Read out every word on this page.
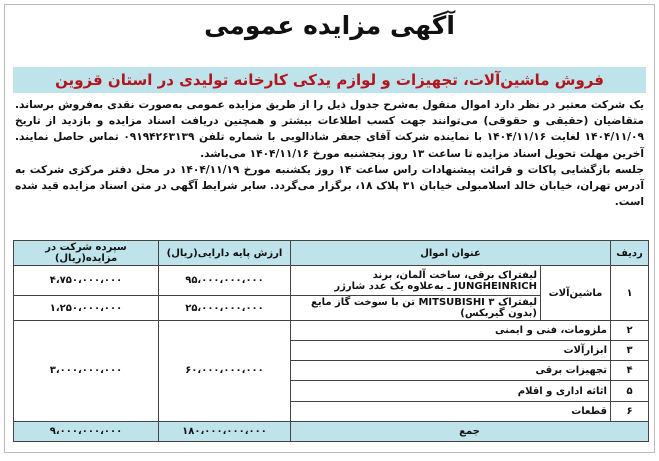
آگهی مزایده عمومی
فروش ماشین‌آلات، تجهیزات و لوازم یدکی کارخانه تولیدی در استان قزوین

یک شرکت معتبر در نظر دارد اموال منقول به‌شرح جدول ذیل را از طریق مزایده عمومی به‌صورت نقدی به‌فروش برساند. متقاضیان (حقیقی و حقوقی) می‌توانند جهت کسب اطلاعات بیشتر و همچنین دریافت اسناد مزایده و بازدید از تاریخ ۱۴۰۴/۱۱/۰۹ لغایت ۱۴۰۴/۱۱/۱۶ با نماینده شرکت آقای جعفر شادالوبی با شماره تلفن ۰۹۱۹۴۲۶۳۱۳۹ تماس حاصل نمایند. آخرین مهلت تحویل اسناد مزایده تا ساعت ۱۳ روز پنجشنبه مورخ ۱۴۰۴/۱۱/۱۶ می‌باشد.

جلسه بازگشایی پاکات و قرائت پیشنهادات راس ساعت ۱۴ روز یکشنبه مورخ ۱۴۰۴/۱۱/۱۹ در محل دفتر مرکزی شرکت به آدرس تهران، خیابان خالد اسلامبولی خیابان ۳۱ پلاک ۱۸، برگزار می‌گردد. سایر شرایط آگهی در متن اسناد مزایده قید شده است.

ردیف	عنوان اموال		ارزش پایه دارایی(ریال)	سپرده شرکت در مزایده(ریال)
۱	ماشین‌آلات	لیفتراک برقی، ساخت آلمان، برند JUNGHEINRICH ـ به‌علاوه یک عدد شارژر	۹۵،۰۰۰،۰۰۰،۰۰۰	۴،۷۵۰،۰۰۰،۰۰۰
		لیفتراک MITSUBISHI ۳ تن با سوخت گاز مایع (بدون گیربکس)	۲۵،۰۰۰،۰۰۰،۰۰۰	۱،۲۵۰،۰۰۰،۰۰۰
۲	ملزومات، فنی و ایمنی		۶۰،۰۰۰،۰۰۰،۰۰۰	۳،۰۰۰،۰۰۰،۰۰۰
۳	ابزارآلات			
۴	تجهیزات برقی			
۵	اثاثه اداری و اقلام			
۶	قطعات			
جمع			۱۸۰،۰۰۰،۰۰۰،۰۰۰	۹،۰۰۰،۰۰۰،۰۰۰
